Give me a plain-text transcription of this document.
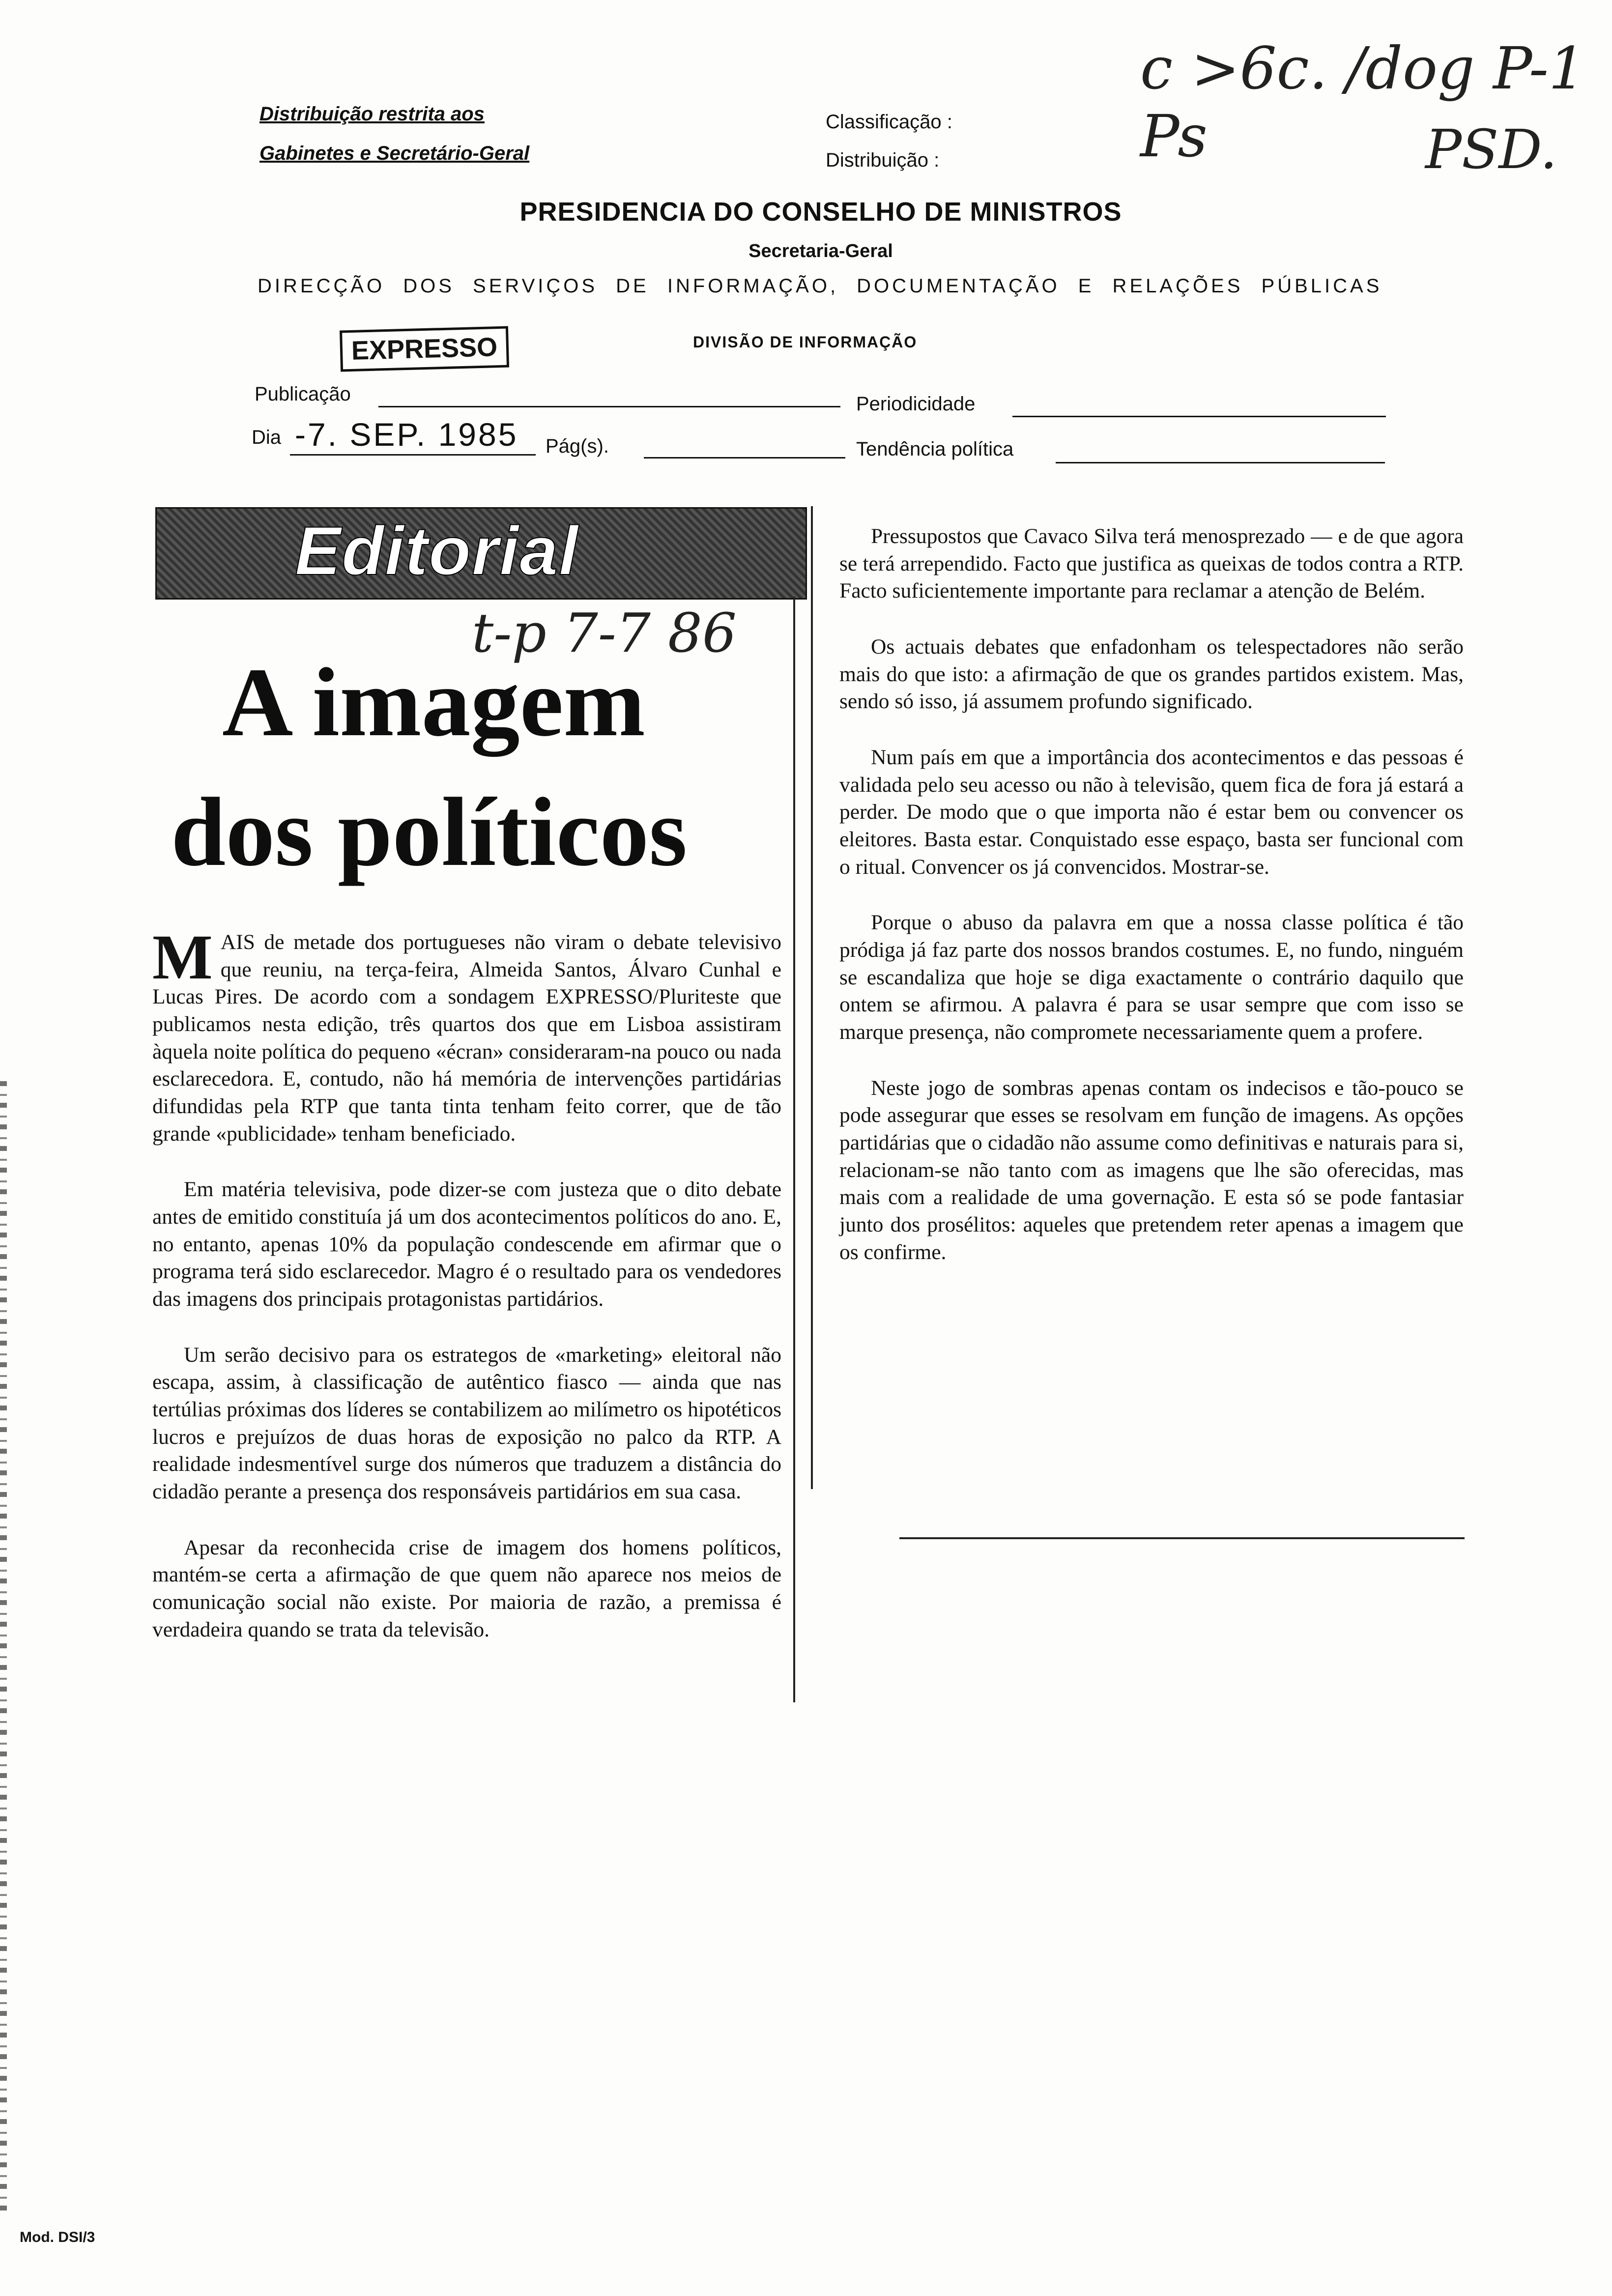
Distribuição restrita aos
Gabinetes e Secretário-Geral
Classificação :
Distribuição :
c >6c. /dog P-1 Ps	PSD.
PRESIDENCIA DO CONSELHO DE MINISTROS
Secretaria-Geral
DIRECÇÃO DOS SERVIÇOS DE INFORMAÇÃO, DOCUMENTAÇÃO E RELAÇÕES PÚBLICAS
EXPRESSO	DIVISÃO DE INFORMAÇÃO
Publicação	Periodicidade
Dia -7. SEP. 1985 Pág(s).	Tendência política
Editorial
t-p 7-7 86
A imagem
dos políticos

MAIS de metade dos portugueses não viram o debate televisivo que reuniu, na terça-feira, Almeida Santos, Álvaro Cunhal e Lucas Pires. De acordo com a sondagem EXPRESSO/Pluriteste que publicamos nesta edição, três quartos dos que em Lisboa assistiram àquela noite política do pequeno «écran» consideraram-na pouco ou nada esclarecedora. E, contudo, não há memória de intervenções partidárias difundidas pela RTP que tanta tinta tenham feito correr, que de tão grande «publicidade» tenham beneficiado.

Em matéria televisiva, pode dizer-se com justeza que o dito debate antes de emitido constituía já um dos acontecimentos políticos do ano. E, no entanto, apenas 10% da população condescende em afirmar que o programa terá sido esclarecedor. Magro é o resultado para os vendedores das imagens dos principais protagonistas partidários.

Um serão decisivo para os estrategos de «marketing» eleitoral não escapa, assim, à classificação de autêntico fiasco — ainda que nas tertúlias próximas dos líderes se contabilizem ao milímetro os hipotéticos lucros e prejuízos de duas horas de exposição no palco da RTP. A realidade indesmentível surge dos números que traduzem a distância do cidadão perante a presença dos responsáveis partidários em sua casa.

Apesar da reconhecida crise de imagem dos homens políticos, mantém-se certa a afirmação de que quem não aparece nos meios de comunicação social não existe. Por maioria de razão, a premissa é verdadeira quando se trata da televisão.

Pressupostos que Cavaco Silva terá menosprezado — e de que agora se terá arrependido. Facto que justifica as queixas de todos contra a RTP. Facto suficientemente importante para reclamar a atenção de Belém.

Os actuais debates que enfadonham os telespectadores não serão mais do que isto: a afirmação de que os grandes partidos existem. Mas, sendo só isso, já assumem profundo significado.

Num país em que a importância dos acontecimentos e das pessoas é validada pelo seu acesso ou não à televisão, quem fica de fora já estará a perder. De modo que o que importa não é estar bem ou convencer os eleitores. Basta estar. Conquistado esse espaço, basta ser funcional com o ritual. Convencer os já convencidos. Mostrar-se.

Porque o abuso da palavra em que a nossa classe política é tão pródiga já faz parte dos nossos brandos costumes. E, no fundo, ninguém se escandaliza que hoje se diga exactamente o contrário daquilo que ontem se afirmou. A palavra é para se usar sempre que com isso se marque presença, não compromete necessariamente quem a profere.

Neste jogo de sombras apenas contam os indecisos e tão-pouco se pode assegurar que esses se resolvam em função de imagens. As opções partidárias que o cidadão não assume como definitivas e naturais para si, relacionam-se não tanto com as imagens que lhe são oferecidas, mas mais com a realidade de uma governação. E esta só se pode fantasiar junto dos prosélitos: aqueles que pretendem reter apenas a imagem que os confirme.

Mod. DSI/3
